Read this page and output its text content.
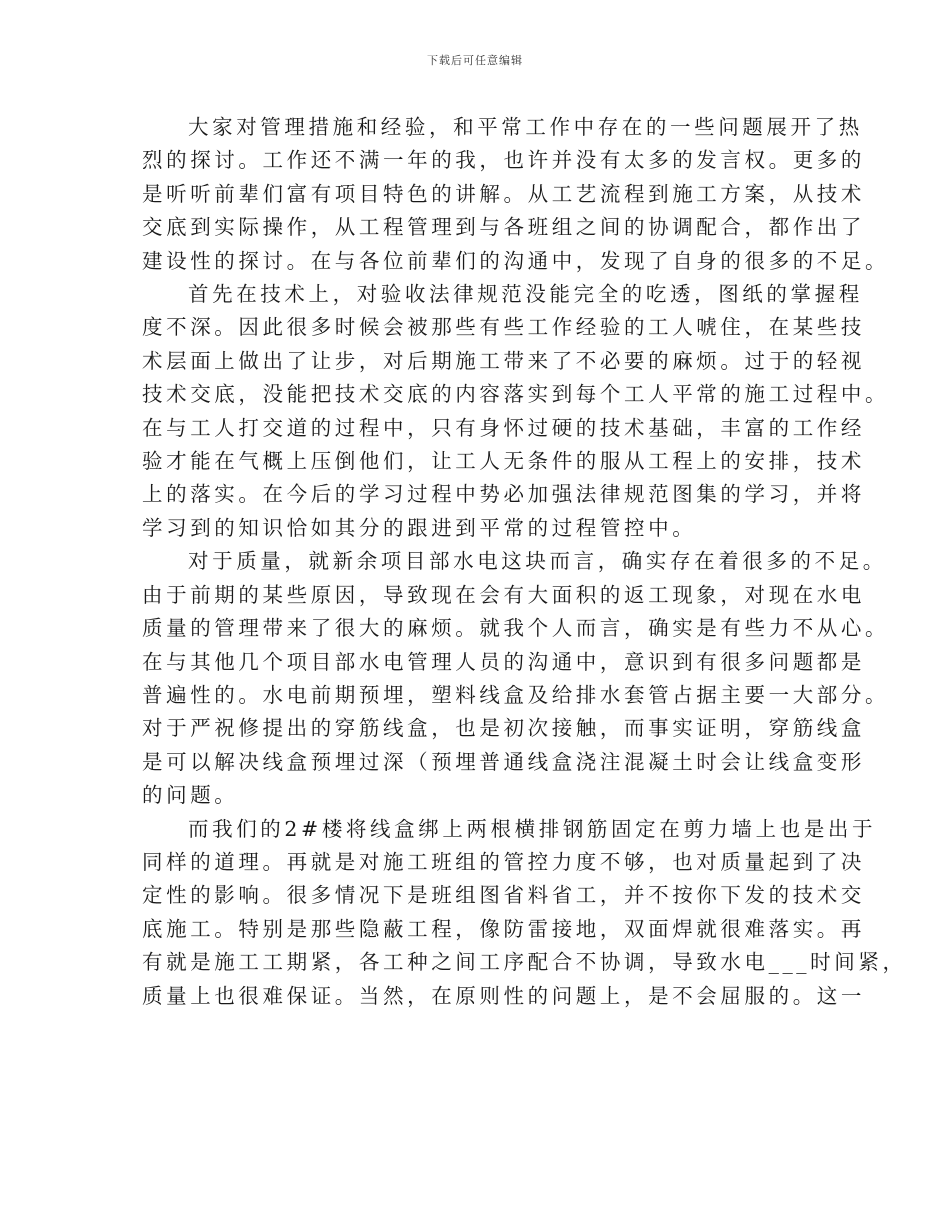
下载后可任意编辑

大家对管理措施和经验，和平常工作中存在的一些问题展开了热

烈的探讨。工作还不满一年的我，也许并没有太多的发言权。更多的

是听听前辈们富有项目特色的讲解。从工艺流程到施工方案，从技术

交底到实际操作，从工程管理到与各班组之间的协调配合，都作出了

建设性的探讨。在与各位前辈们的沟通中，发现了自身的很多的不足。

首先在技术上，对验收法律规范没能完全的吃透，图纸的掌握程

度不深。因此很多时候会被那些有些工作经验的工人唬住，在某些技

术层面上做出了让步，对后期施工带来了不必要的麻烦。过于的轻视

技术交底，没能把技术交底的内容落实到每个工人平常的施工过程中。

在与工人打交道的过程中，只有身怀过硬的技术基础，丰富的工作经

验才能在气概上压倒他们，让工人无条件的服从工程上的安排，技术

上的落实。在今后的学习过程中势必加强法律规范图集的学习，并将

学习到的知识恰如其分的跟进到平常的过程管控中。

对于质量，就新余项目部水电这块而言，确实存在着很多的不足。

由于前期的某些原因，导致现在会有大面积的返工现象，对现在水电

质量的管理带来了很大的麻烦。就我个人而言，确实是有些力不从心。

在与其他几个项目部水电管理人员的沟通中，意识到有很多问题都是

普遍性的。水电前期预埋，塑料线盒及给排水套管占据主要一大部分。

对于严祝修提出的穿筋线盒，也是初次接触，而事实证明，穿筋线盒

是可以解决线盒预埋过深（预埋普通线盒浇注混凝土时会让线盒变形

的问题。

而我们的2#楼将线盒绑上两根横排钢筋固定在剪力墙上也是出于

同样的道理。再就是对施工班组的管控力度不够，也对质量起到了决

定性的影响。很多情况下是班组图省料省工，并不按你下发的技术交

底施工。特别是那些隐蔽工程，像防雷接地，双面焊就很难落实。再

有就是施工工期紧，各工种之间工序配合不协调，导致水电___时间紧，

质量上也很难保证。当然，在原则性的问题上，是不会屈服的。这一
